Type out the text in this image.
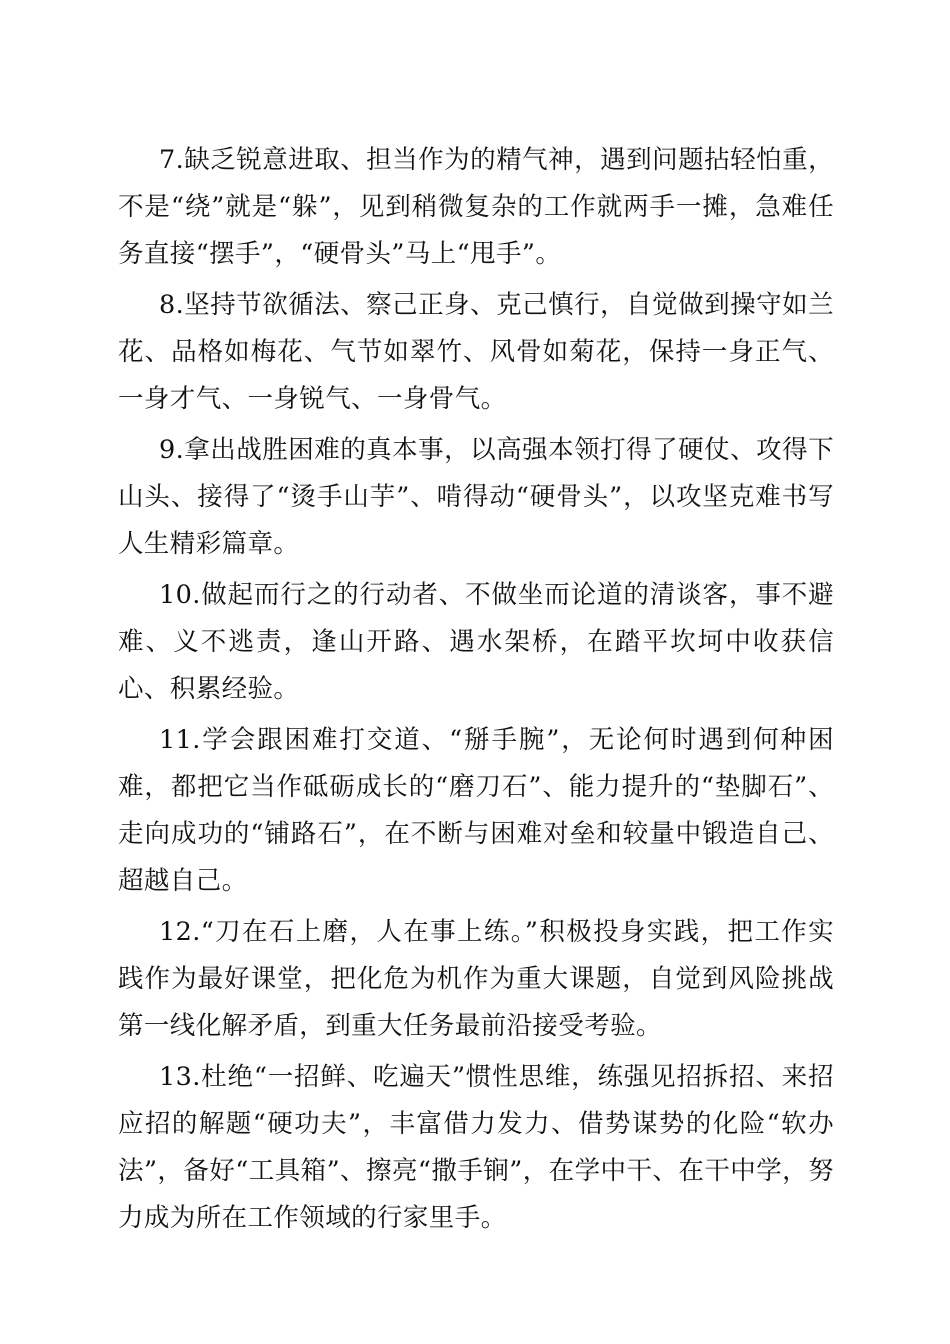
7.缺乏锐意进取、担当作为的精气神，遇到问题拈轻怕重，不是“绕”就是“躲”，见到稍微复杂的工作就两手一摊，急难任务直接“摆手”，“硬骨头”马上“甩手”。

8.坚持节欲循法、察己正身、克己慎行，自觉做到操守如兰花、品格如梅花、气节如翠竹、风骨如菊花，保持一身正气、一身才气、一身锐气、一身骨气。

9.拿出战胜困难的真本事，以高强本领打得了硬仗、攻得下山头、接得了“烫手山芋”、啃得动“硬骨头”，以攻坚克难书写人生精彩篇章。

10.做起而行之的行动者、不做坐而论道的清谈客，事不避难、义不逃责，逢山开路、遇水架桥，在踏平坎坷中收获信心、积累经验。

11.学会跟困难打交道、“掰手腕”，无论何时遇到何种困难，都把它当作砥砺成长的“磨刀石”、能力提升的“垫脚石”、走向成功的“铺路石”，在不断与困难对垒和较量中锻造自己、超越自己。

12.“刀在石上磨，人在事上练。”积极投身实践，把工作实践作为最好课堂，把化危为机作为重大课题，自觉到风险挑战第一线化解矛盾，到重大任务最前沿接受考验。

13.杜绝“一招鲜、吃遍天”惯性思维，练强见招拆招、来招应招的解题“硬功夫”，丰富借力发力、借势谋势的化险“软办法”，备好“工具箱”、擦亮“撒手锏”，在学中干、在干中学，努力成为所在工作领域的行家里手。
